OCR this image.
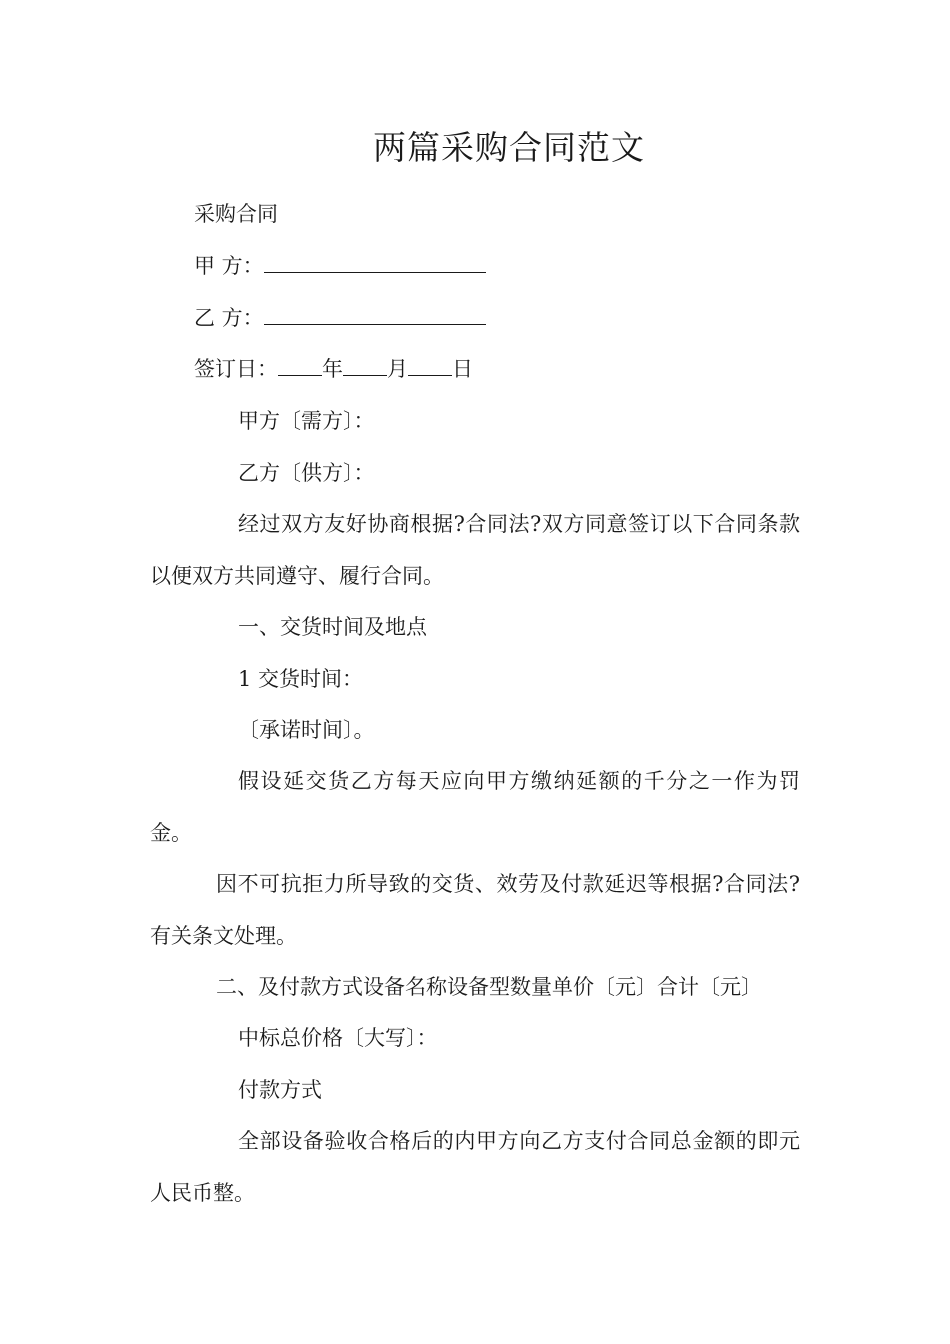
两篇采购合同范文
采购合同
甲 方：
乙 方：
签订日： 年 月 日
甲方〔需方〕：
乙方〔供方〕：
经过双方友好协商根据?合同法?双方同意签订以下合同条款以便双方共同遵守、履行合同。
一、交货时间及地点
1 交货时间：
〔承诺时间〕。
假设延交货乙方每天应向甲方缴纳延额的千分之一作为罚金。
因不可抗拒力所导致的交货、效劳及付款延迟等根据?合同法?有关条文处理。
二、及付款方式设备名称设备型数量单价〔元〕合计〔元〕
中标总价格〔大写〕：
付款方式
全部设备验收合格后的内甲方向乙方支付合同总金额的即元人民币整。
